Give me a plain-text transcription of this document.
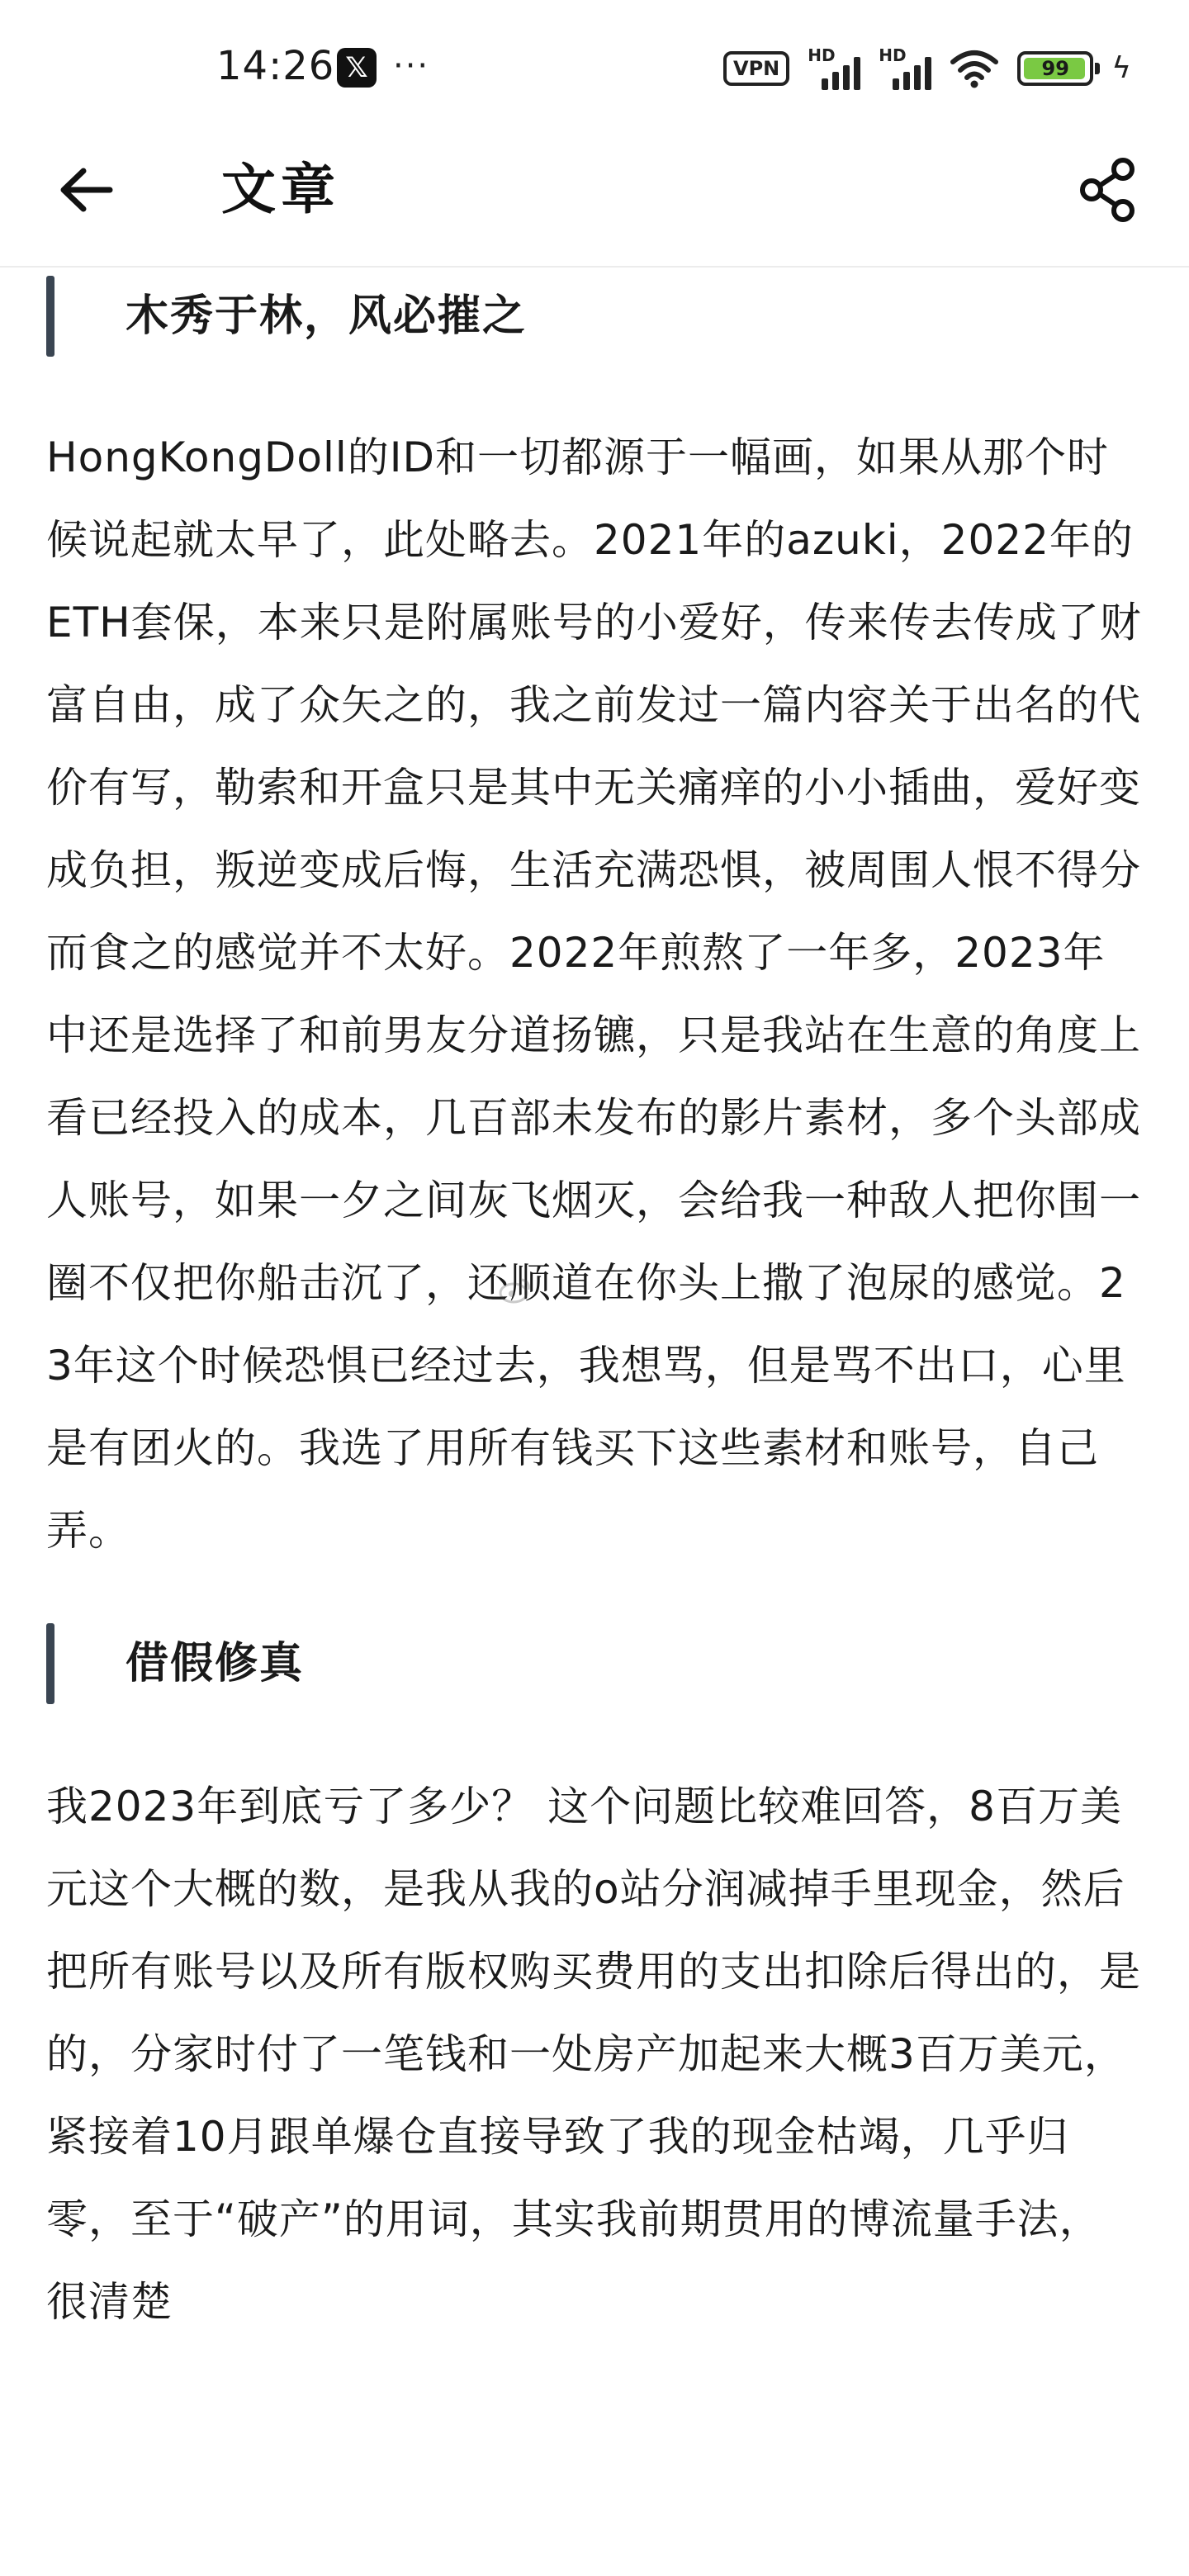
14:26 𝕏 ···	VPN
HD	HD
99 ϟ
文章
木秀于林，风必摧之

HongKongDoll的ID和一切都源于一幅画，如果从那个时候说起就太早了，此处略去。2021年的azuki，2022年的ETH套保，本来只是附属账号的小爱好，传来传去传成了财富自由，成了众矢之的，我之前发过一篇内容关于出名的代价有写，勒索和开盒只是其中无关痛痒的小小插曲，爱好变成负担，叛逆变成后悔，生活充满恐惧，被周围人恨不得分而食之的感觉并不太好。2022年煎熬了一年多，2023年中还是选择了和前男友分道扬镳，只是我站在生意的角度上看已经投入的成本，几百部未发布的影片素材，多个头部成人账号，如果一夕之间灰飞烟灭，会给我一种敌人把你围一圈不仅把你船击沉了，还顺道在你头上撒了泡尿的感觉。23年这个时候恐惧已经过去，我想骂，但是骂不出口，心里是有团火的。我选了用所有钱买下这些素材和账号，自己弄。

借假修真

我2023年到底亏了多少？ 这个问题比较难回答，8百万美元这个大概的数，是我从我的o站分润减掉手里现金，然后把所有账号以及所有版权购买费用的支出扣除后得出的，是的，分家时付了一笔钱和一处房产加起来大概3百万美元，紧接着10月跟单爆仓直接导致了我的现金枯竭，几乎归零，至于“破产”的用词，其实我前期贯用的博流量手法，很清楚
